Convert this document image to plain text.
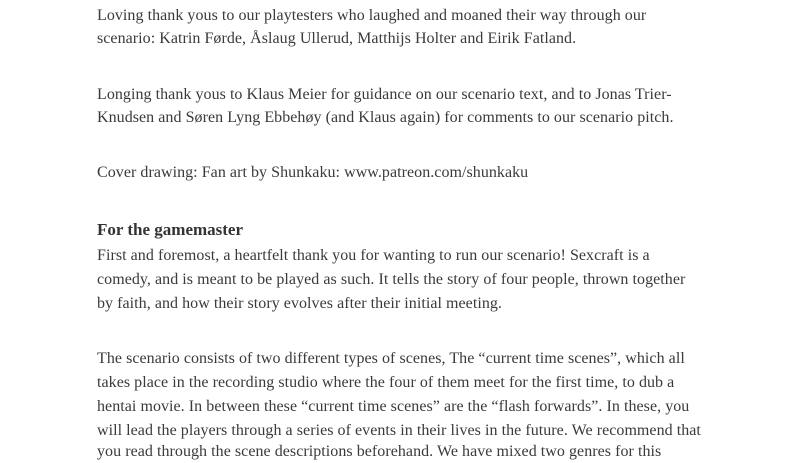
Loving thank yous to our playtesters who laughed and moaned their way through our
scenario: Katrin Førde, Åslaug Ullerud, Matthijs Holter and Eirik Fatland.
Longing thank yous to Klaus Meier for guidance on our scenario text, and to Jonas Trier-
Knudsen and Søren Lyng Ebbehøy (and Klaus again) for comments to our scenario pitch.
Cover drawing: Fan art by Shunkaku: www.patreon.com/shunkaku
For the gamemaster
First and foremost, a heartfelt thank you for wanting to run our scenario! Sexcraft is a
comedy, and is meant to be played as such. It tells the story of four people, thrown together
by faith, and how their story evolves after their initial meeting.
The scenario consists of two different types of scenes, The “current time scenes”, which all
takes place in the recording studio where the four of them meet for the first time, to dub a
hentai movie. In between these “current time scenes” are the “flash forwards”. In these, you
will lead the players through a series of events in their lives in the future. We recommend that
you read through the scene descriptions beforehand. We have mixed two genres for this
